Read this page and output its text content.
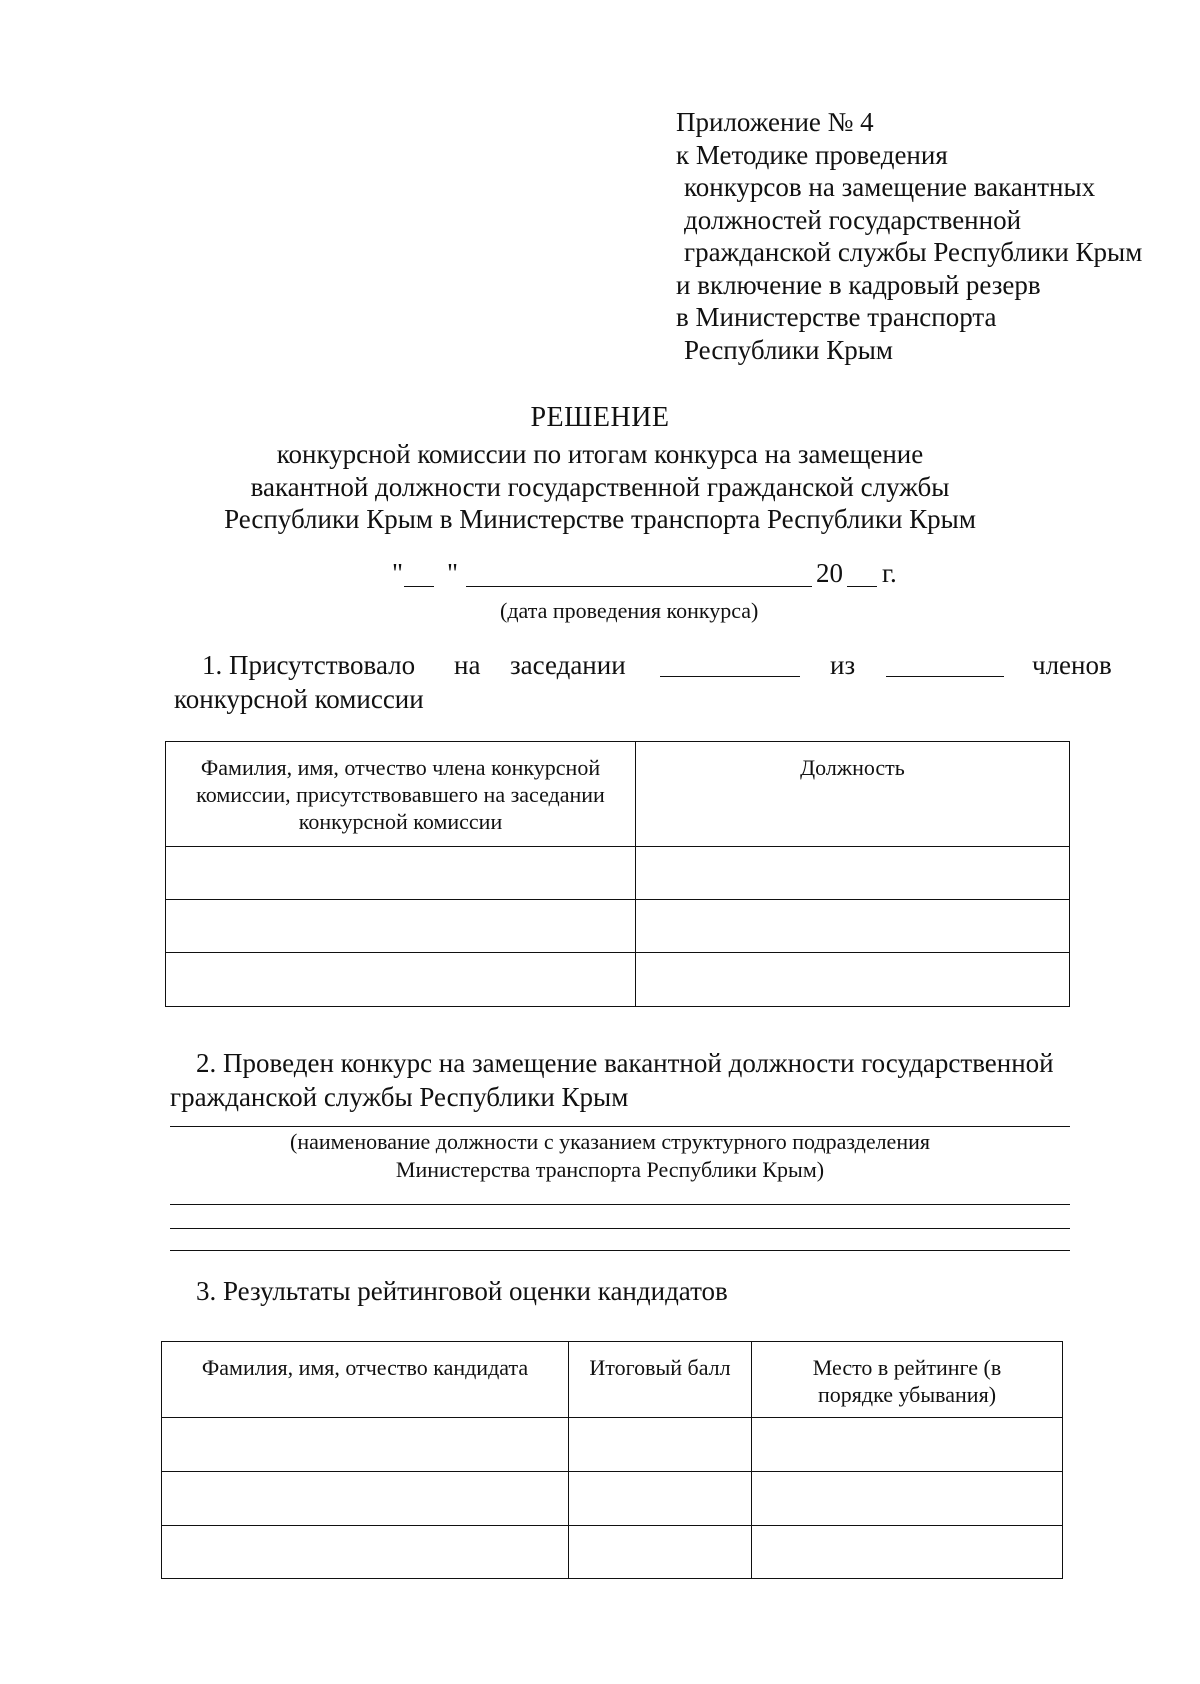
Приложение № 4
к Методике проведения
конкурсов на замещение вакантных
должностей государственной
гражданской службы Республики Крым
и включение в кадровый резерв
в Министерстве транспорта
Республики Крым
РЕШЕНИЕ
конкурсной комиссии по итогам конкурса на замещение
вакантной должности государственной гражданской службы
Республики Крым в Министерстве транспорта Республики Крым
" "	20 г.
(дата проведения конкурса)
1. Присутствовало на заседании	из	членов
конкурсной комиссии
Фамилия, имя, отчество члена конкурсной комиссии, присутствовавшего на заседании конкурсной комиссии	Должность

2. Проведен конкурс на замещение вакантной должности государственной
гражданской службы Республики Крым
(наименование должности с указанием структурного подразделения
Министерства транспорта Республики Крым)
3. Результаты рейтинговой оценки кандидатов
Фамилия, имя, отчество кандидата	Итоговый балл	Место в рейтинге (в порядке убывания)
